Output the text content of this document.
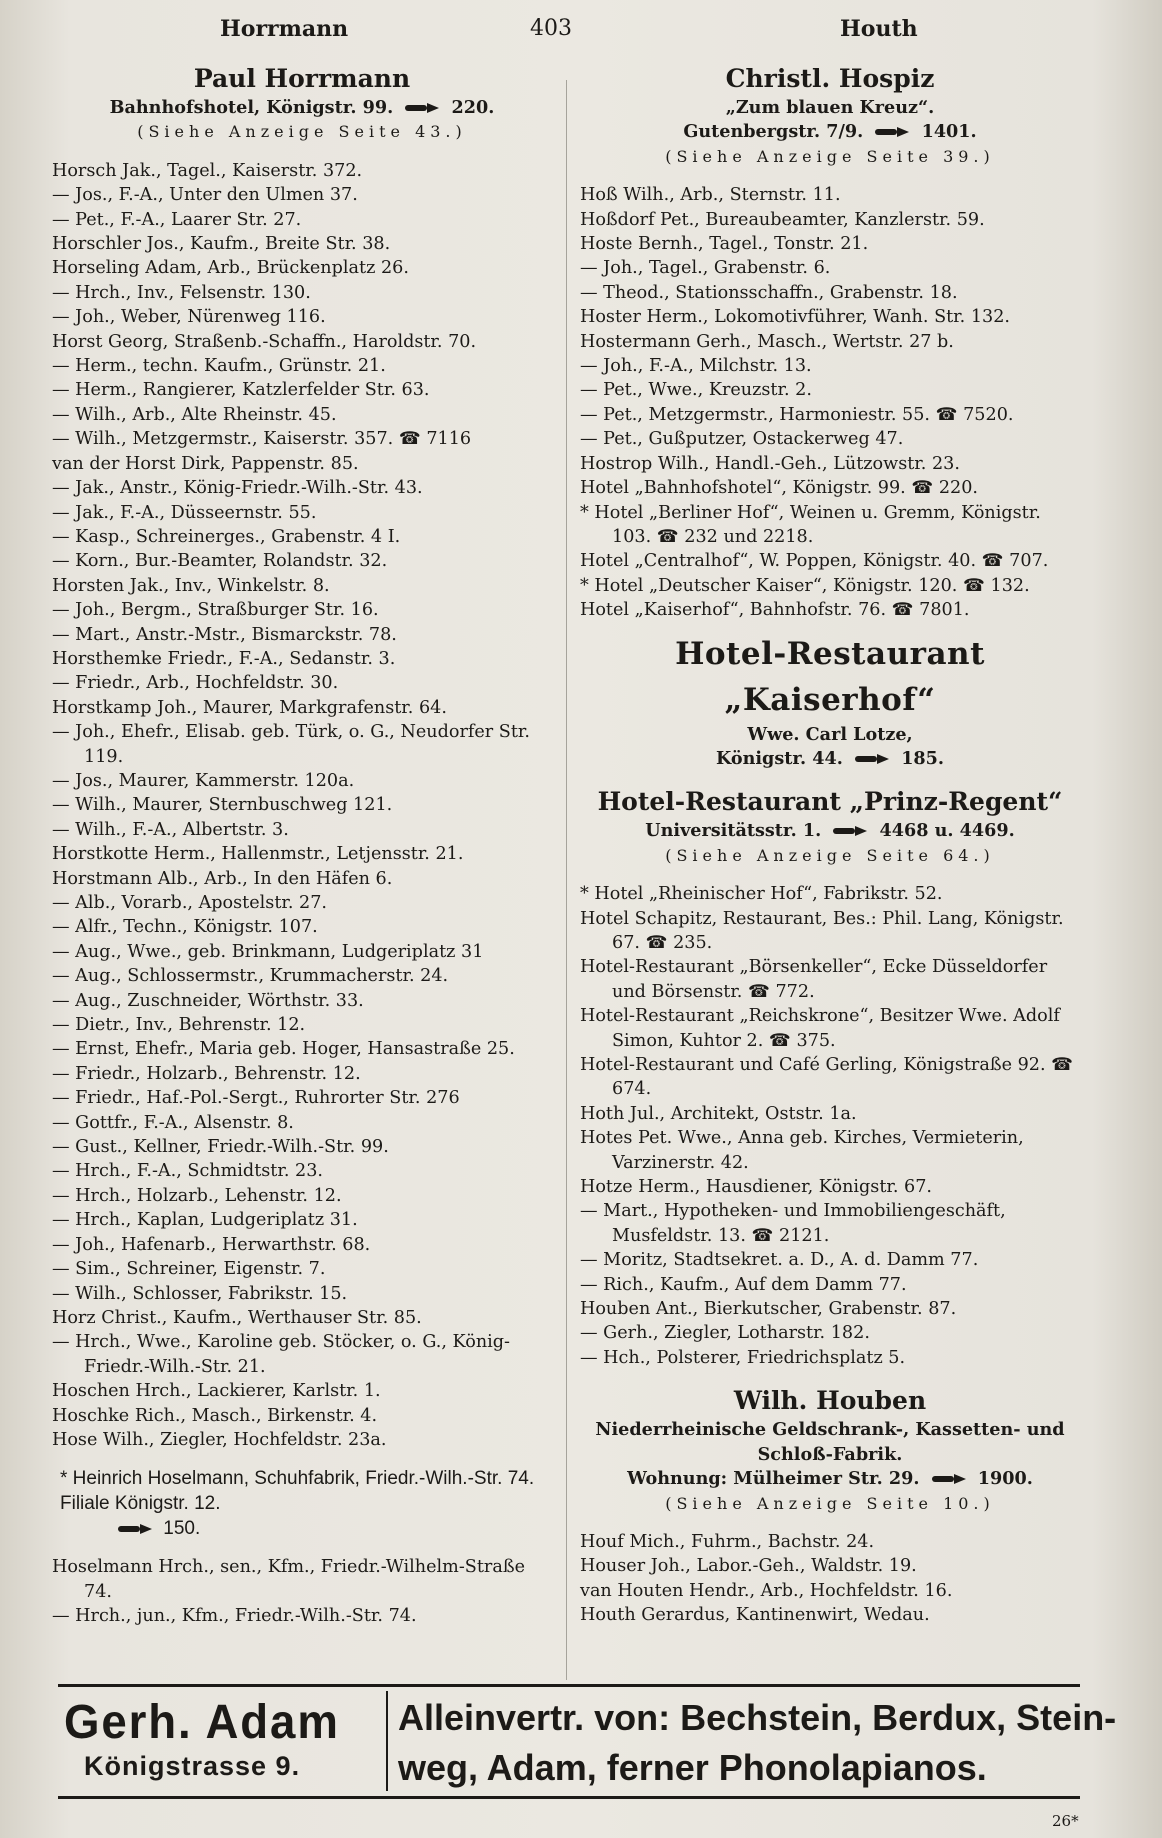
Horrmann	403	Houth
Paul Horrmann
Bahnhofshotel, Königstr. 99.	220.
(Siehe Anzeige Seite 43.)
Horsch Jak., Tagel., Kaiserstr. 372.
— Jos., F.-A., Unter den Ulmen 37.
— Pet., F.-A., Laarer Str. 27.
Horschler Jos., Kaufm., Breite Str. 38.
Horseling Adam, Arb., Brückenplatz 26.
— Hrch., Inv., Felsenstr. 130.
— Joh., Weber, Nürenweg 116.
Horst Georg, Straßenb.-Schaffn., Haroldstr. 70.
— Herm., techn. Kaufm., Grünstr. 21.
— Herm., Rangierer, Katzlerfelder Str. 63.
— Wilh., Arb., Alte Rheinstr. 45.
— Wilh., Metzgermstr., Kaiserstr. 357. ☎ 7116
van der Horst Dirk, Pappenstr. 85.
— Jak., Anstr., König-Friedr.-Wilh.-Str. 43.
— Jak., F.-A., Düsseernstr. 55.
— Kasp., Schreinerges., Grabenstr. 4 I.
— Korn., Bur.-Beamter, Rolandstr. 32.
Horsten Jak., Inv., Winkelstr. 8.
— Joh., Bergm., Straßburger Str. 16.
— Mart., Anstr.-Mstr., Bismarckstr. 78.
Horsthemke Friedr., F.-A., Sedanstr. 3.
— Friedr., Arb., Hochfeldstr. 30.
Horstkamp Joh., Maurer, Markgrafenstr. 64.
— Joh., Ehefr., Elisab. geb. Türk, o. G., Neudorfer Str. 119.
— Jos., Maurer, Kammerstr. 120a.
— Wilh., Maurer, Sternbuschweg 121.
— Wilh., F.-A., Albertstr. 3.
Horstkotte Herm., Hallenmstr., Letjensstr. 21.
Horstmann Alb., Arb., In den Häfen 6.
— Alb., Vorarb., Apostelstr. 27.
— Alfr., Techn., Königstr. 107.
— Aug., Wwe., geb. Brinkmann, Ludgeriplatz 31
— Aug., Schlossermstr., Krummacherstr. 24.
— Aug., Zuschneider, Wörthstr. 33.
— Dietr., Inv., Behrenstr. 12.
— Ernst, Ehefr., Maria geb. Hoger, Hansastraße 25.
— Friedr., Holzarb., Behrenstr. 12.
— Friedr., Haf.-Pol.-Sergt., Ruhrorter Str. 276
— Gottfr., F.-A., Alsenstr. 8.
— Gust., Kellner, Friedr.-Wilh.-Str. 99.
— Hrch., F.-A., Schmidtstr. 23.
— Hrch., Holzarb., Lehenstr. 12.
— Hrch., Kaplan, Ludgeriplatz 31.
— Joh., Hafenarb., Herwarthstr. 68.
— Sim., Schreiner, Eigenstr. 7.
— Wilh., Schlosser, Fabrikstr. 15.
Horz Christ., Kaufm., Werthauser Str. 85.
— Hrch., Wwe., Karoline geb. Stöcker, o. G., König-Friedr.-Wilh.-Str. 21.
Hoschen Hrch., Lackierer, Karlstr. 1.
Hoschke Rich., Masch., Birkenstr. 4.
Hose Wilh., Ziegler, Hochfeldstr. 23a.
* Heinrich Hoselmann, Schuhfabrik, Friedr.-Wilh.-Str. 74. Filiale Königstr. 12.
150.
Hoselmann Hrch., sen., Kfm., Friedr.-Wilhelm-Straße 74.
— Hrch., jun., Kfm., Friedr.-Wilh.-Str. 74.
Christl. Hospiz
„Zum blauen Kreuz“.
Gutenbergstr. 7/9.	1401.
(Siehe Anzeige Seite 39.)
Hoß Wilh., Arb., Sternstr. 11.
Hoßdorf Pet., Bureaubeamter, Kanzlerstr. 59.
Hoste Bernh., Tagel., Tonstr. 21.
— Joh., Tagel., Grabenstr. 6.
— Theod., Stationsschaffn., Grabenstr. 18.
Hoster Herm., Lokomotivführer, Wanh. Str. 132.
Hostermann Gerh., Masch., Wertstr. 27 b.
— Joh., F.-A., Milchstr. 13.
— Pet., Wwe., Kreuzstr. 2.
— Pet., Metzgermstr., Harmoniestr. 55. ☎ 7520.
— Pet., Gußputzer, Ostackerweg 47.
Hostrop Wilh., Handl.-Geh., Lützowstr. 23.
Hotel „Bahnhofshotel“, Königstr. 99. ☎ 220.
* Hotel „Berliner Hof“, Weinen u. Gremm, Königstr. 103. ☎ 232 und 2218.
Hotel „Centralhof“, W. Poppen, Königstr. 40. ☎ 707.
* Hotel „Deutscher Kaiser“, Königstr. 120. ☎ 132.
Hotel „Kaiserhof“, Bahnhofstr. 76. ☎ 7801.
Hotel-Restaurant „Kaiserhof“
Wwe. Carl Lotze,
Königstr. 44.	185.
Hotel-Restaurant „Prinz-Regent“
Universitätsstr. 1.	4468 u. 4469.
(Siehe Anzeige Seite 64.)
* Hotel „Rheinischer Hof“, Fabrikstr. 52.
Hotel Schapitz, Restaurant, Bes.: Phil. Lang, Königstr. 67. ☎ 235.
Hotel-Restaurant „Börsenkeller“, Ecke Düsseldorfer und Börsenstr. ☎ 772.
Hotel-Restaurant „Reichskrone“, Besitzer Wwe. Adolf Simon, Kuhtor 2. ☎ 375.
Hotel-Restaurant und Café Gerling, Königstraße 92. ☎ 674.
Hoth Jul., Architekt, Oststr. 1a.
Hotes Pet. Wwe., Anna geb. Kirches, Vermieterin, Varzinerstr. 42.
Hotze Herm., Hausdiener, Königstr. 67.
— Mart., Hypotheken- und Immobiliengeschäft, Musfeldstr. 13. ☎ 2121.
— Moritz, Stadtsekret. a. D., A. d. Damm 77.
— Rich., Kaufm., Auf dem Damm 77.
Houben Ant., Bierkutscher, Grabenstr. 87.
— Gerh., Ziegler, Lotharstr. 182.
— Hch., Polsterer, Friedrichsplatz 5.
Wilh. Houben
Niederrheinische Geldschrank-, Kassetten- und Schloß-Fabrik.
Wohnung: Mülheimer Str. 29.	1900.
(Siehe Anzeige Seite 10.)
Houf Mich., Fuhrm., Bachstr. 24.
Houser Joh., Labor.-Geh., Waldstr. 19.
van Houten Hendr., Arb., Hochfeldstr. 16.
Houth Gerardus, Kantinenwirt, Wedau.
Gerh. Adam
Königstrasse 9.
Alleinvertr. von: Bechstein, Berdux, Stein-
weg, Adam, ferner Phonolapianos.
26*
